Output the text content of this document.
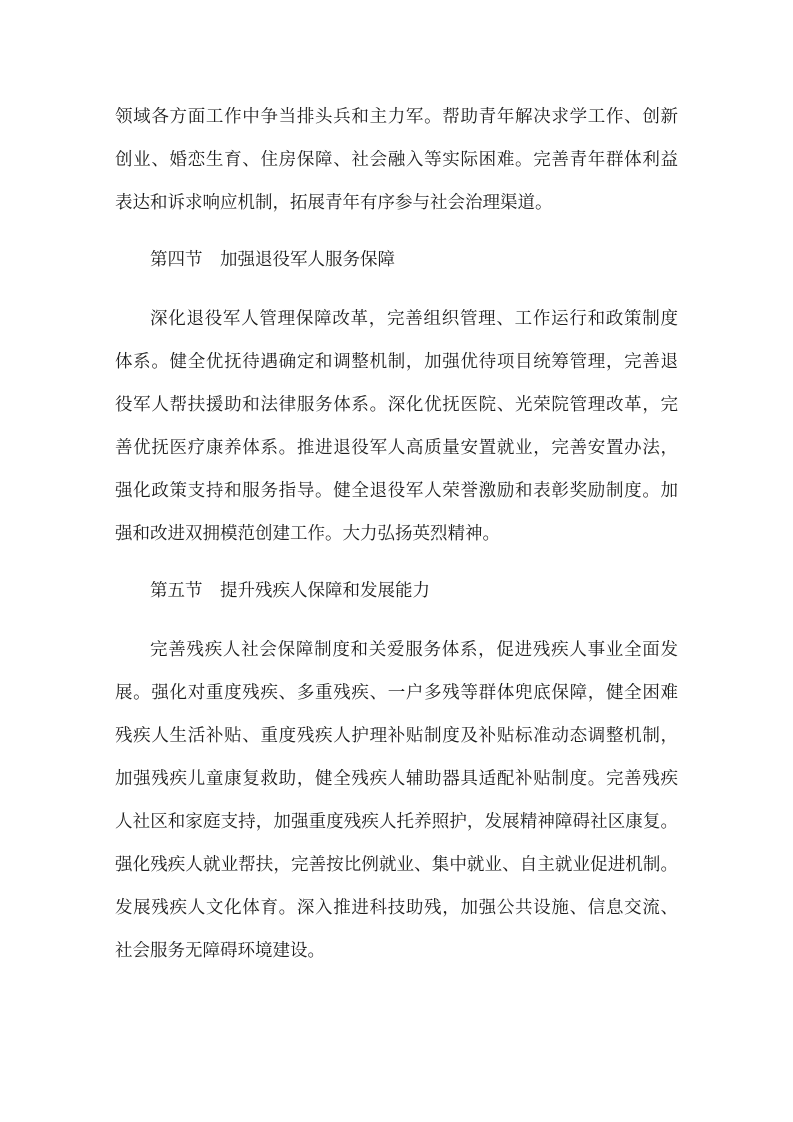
领域各方面工作中争当排头兵和主力军。帮助青年解决求学工作、创新
创业、婚恋生育、住房保障、社会融入等实际困难。完善青年群体利益
表达和诉求响应机制，拓展青年有序参与社会治理渠道。
第四节　加强退役军人服务保障
深化退役军人管理保障改革，完善组织管理、工作运行和政策制度
体系。健全优抚待遇确定和调整机制，加强优待项目统筹管理，完善退
役军人帮扶援助和法律服务体系。深化优抚医院、光荣院管理改革，完
善优抚医疗康养体系。推进退役军人高质量安置就业，完善安置办法，
强化政策支持和服务指导。健全退役军人荣誉激励和表彰奖励制度。加
强和改进双拥模范创建工作。大力弘扬英烈精神。
第五节　提升残疾人保障和发展能力
完善残疾人社会保障制度和关爱服务体系，促进残疾人事业全面发
展。强化对重度残疾、多重残疾、一户多残等群体兜底保障，健全困难
残疾人生活补贴、重度残疾人护理补贴制度及补贴标准动态调整机制，
加强残疾儿童康复救助，健全残疾人辅助器具适配补贴制度。完善残疾
人社区和家庭支持，加强重度残疾人托养照护，发展精神障碍社区康复。
强化残疾人就业帮扶，完善按比例就业、集中就业、自主就业促进机制。
发展残疾人文化体育。深入推进科技助残，加强公共设施、信息交流、
社会服务无障碍环境建设。
